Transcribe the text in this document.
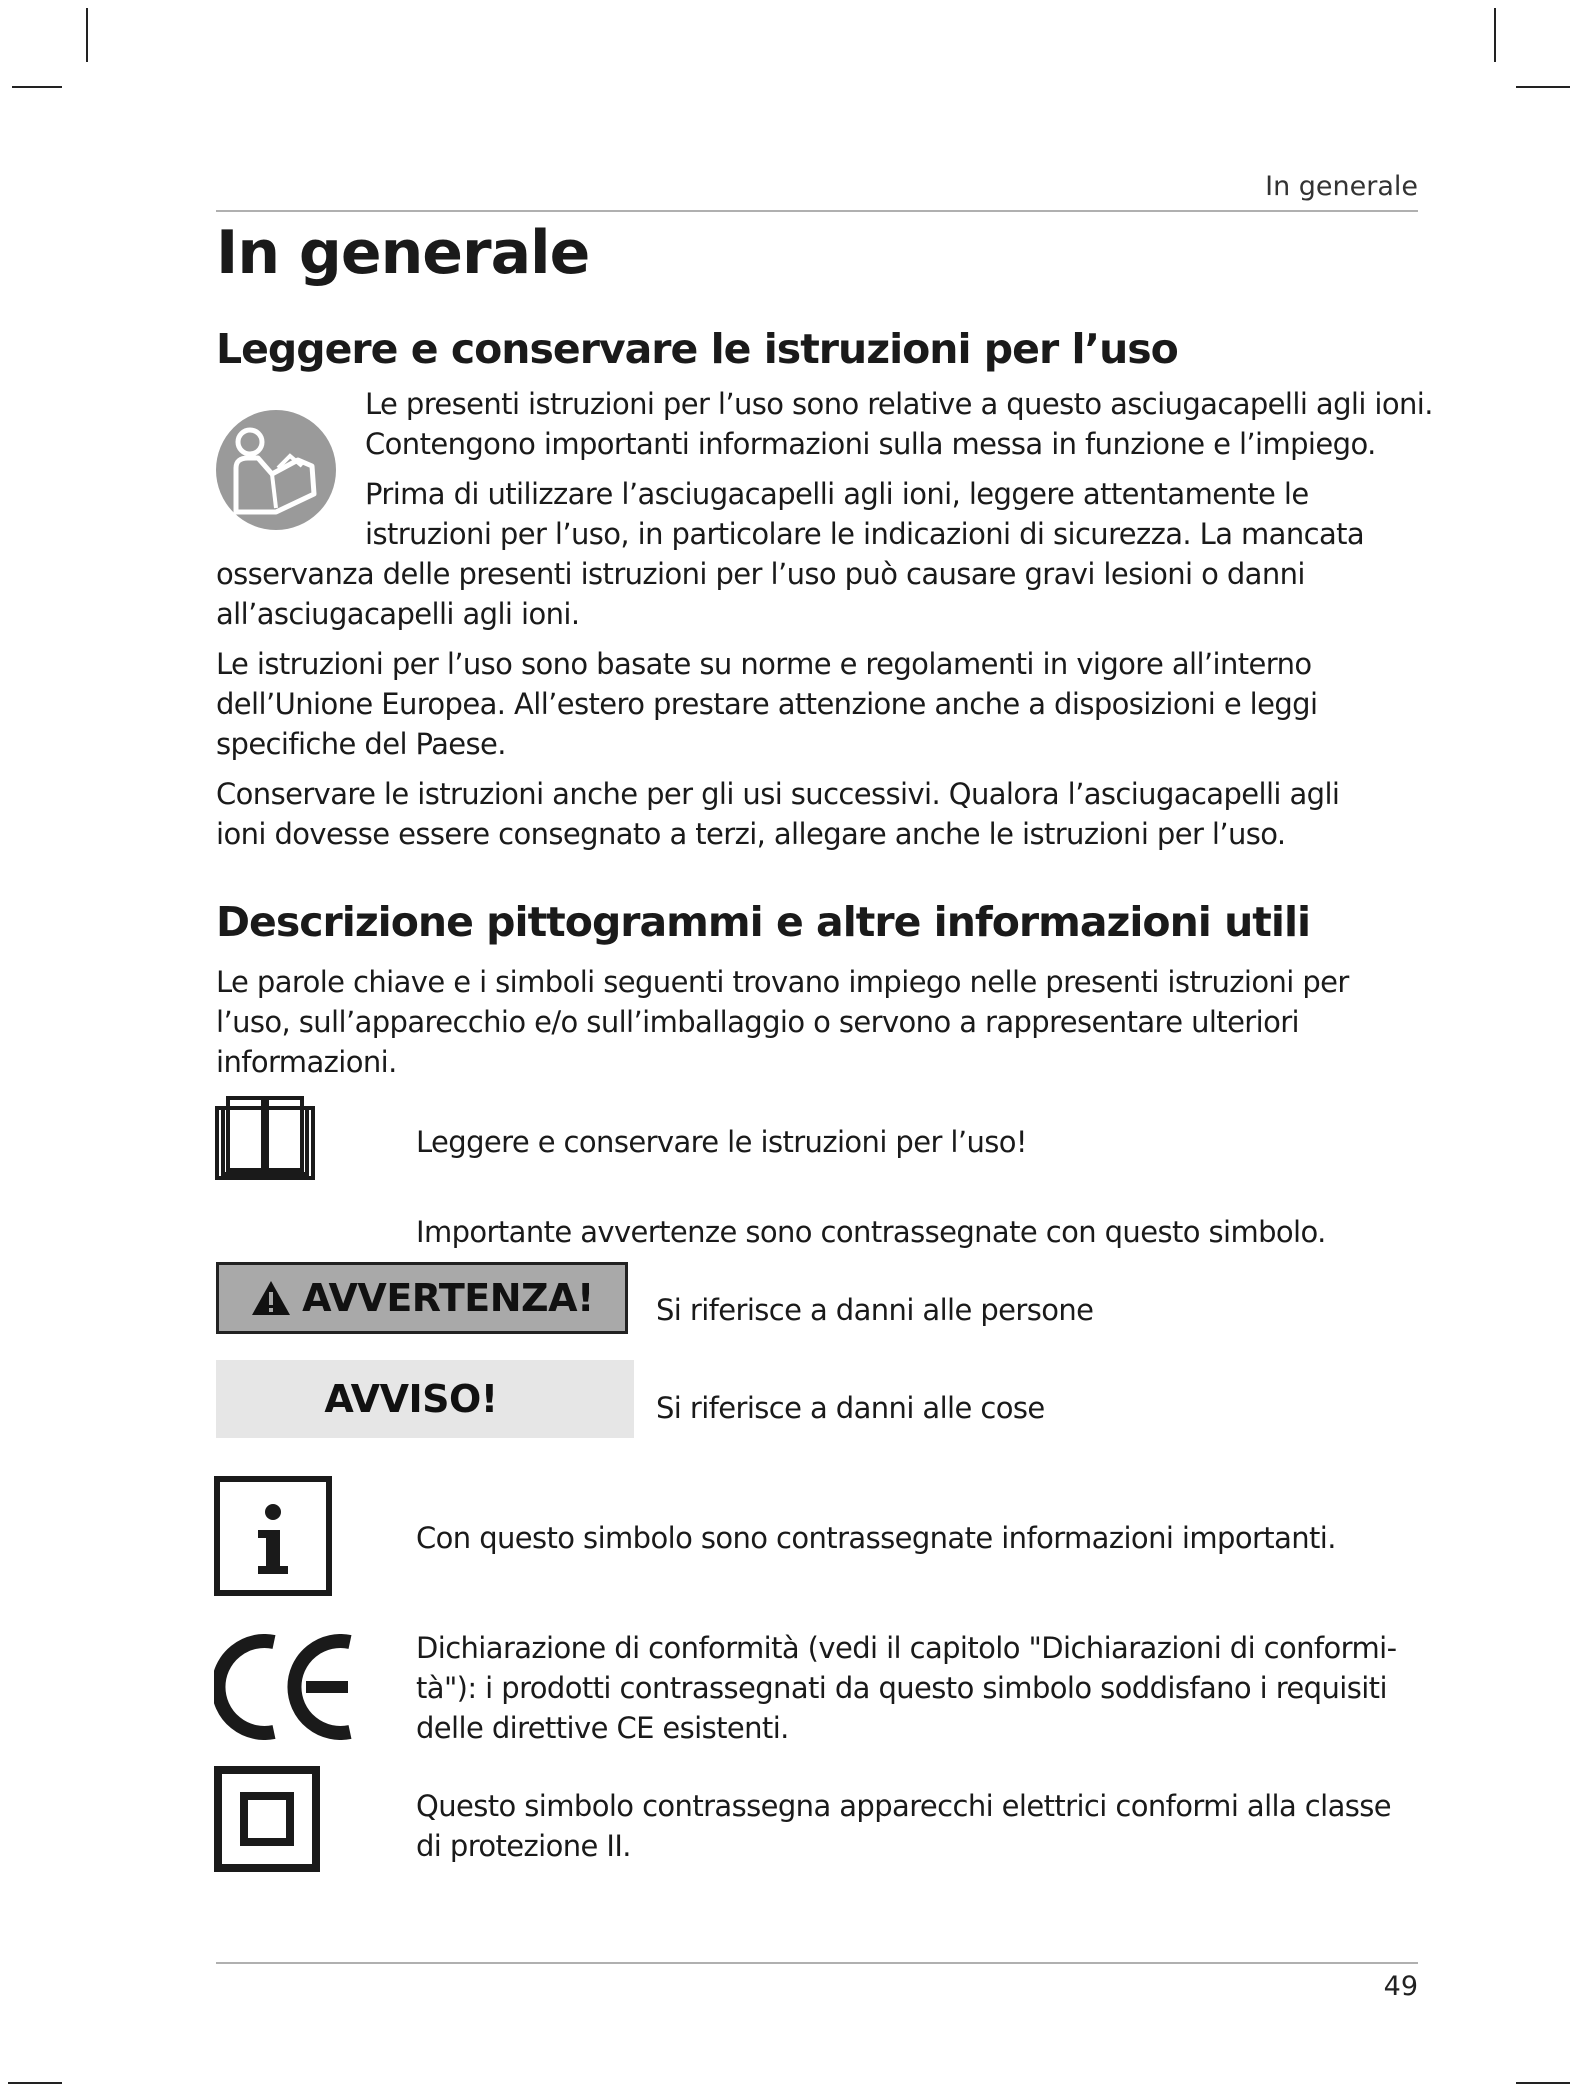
In generale
In generale
Leggere e conservare le istruzioni per l’uso

Le presenti istruzioni per l’uso sono relative a questo asciugacapelli agli ioni.

Contengono importanti informazioni sulla messa in funzione e l’impiego.

Prima di utilizzare l’asciugacapelli agli ioni, leggere attentamente le

istruzioni per l’uso, in particolare le indicazioni di sicurezza. La mancata

osservanza delle presenti istruzioni per l’uso può causare gravi lesioni o danni

all’asciugacapelli agli ioni.

Le istruzioni per l’uso sono basate su norme e regolamenti in vigore all’interno dell’Unione Europea. All’estero prestare attenzione anche a disposizioni e leggi specifiche del Paese.

Conservare le istruzioni anche per gli usi successivi. Qualora l’asciugacapelli agli ioni dovesse essere consegnato a terzi, allegare anche le istruzioni per l’uso.

Descrizione pittogrammi e altre informazioni utili

Le parole chiave e i simboli seguenti trovano impiego nelle presenti istruzioni per l’uso, sull’apparecchio e/o sull’imballaggio o servono a rappresentare ulteriori informazioni.

Leggere e conservare le istruzioni per l’uso!

Importante avvertenze sono contrassegnate con questo simbolo.

AVVERTENZA! Si riferisce a danni alle persone

AVVISO!	Si riferisce a danni alle cose

Con questo simbolo sono contrassegnate informazioni importanti.

Dichiarazione di conformità (vedi il capitolo "Dichiarazioni di conformi-tà"): i prodotti contrassegnati da questo simbolo soddisfano i requisiti delle direttive CE esistenti.

Questo simbolo contrassegna apparecchi elettrici conformi alla classe di protezione II.

49
